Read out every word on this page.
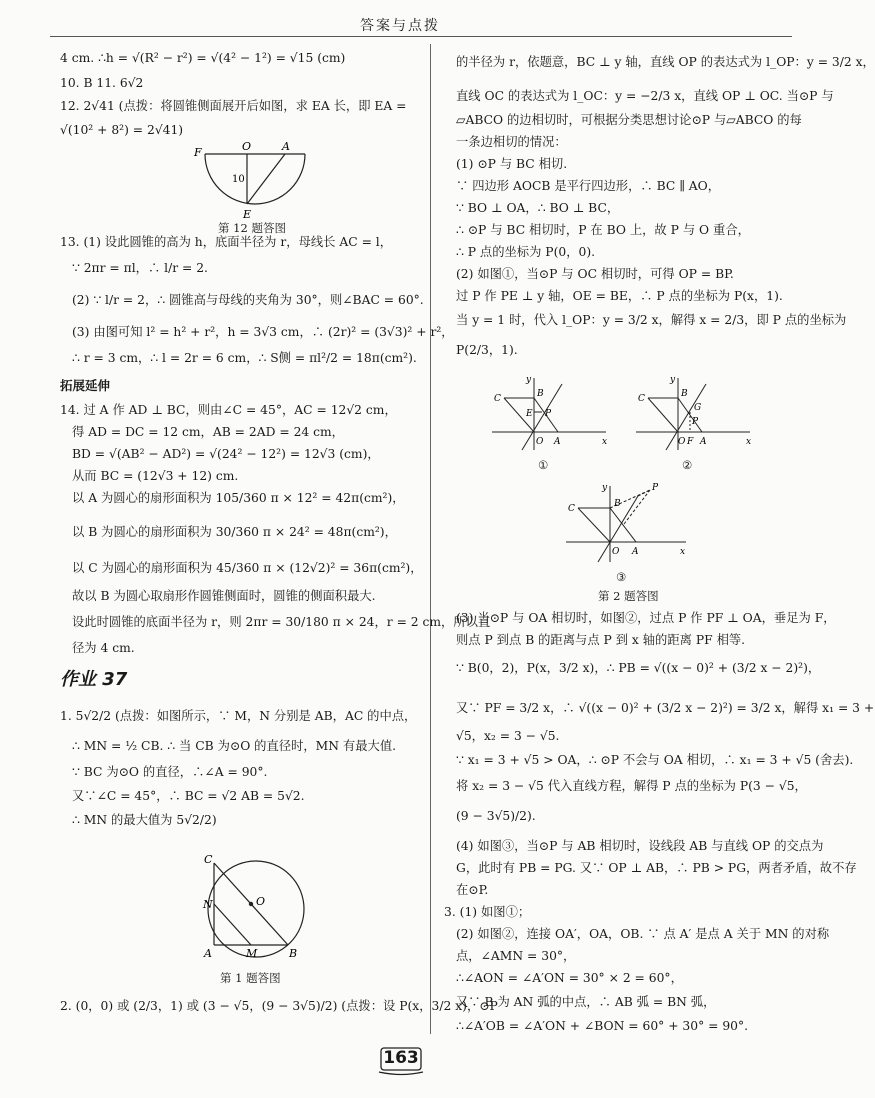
答案与点拨
4 cm. ∴h = √(R² − r²) = √(4² − 1²) = √15 (cm)
10. B 11. 6√2
12. 2√41 (点拨：将圆锥侧面展开后如图，求 EA 长，即 EA =
√(10² + 8²) = 2√41)
F	O	A
10
E
第 12 题答图
13. (1) 设此圆锥的高为 h，底面半径为 r，母线长 AC = l，
∵ 2πr = πl，∴ l/r = 2.
(2) ∵ l/r = 2，∴ 圆锥高与母线的夹角为 30°，则∠BAC = 60°.
(3) 由图可知 l² = h² + r²，h = 3√3 cm，∴ (2r)² = (3√3)² + r²，
∴ r = 3 cm，∴ l = 2r = 6 cm，∴ S侧 = πl²/2 = 18π(cm²).
拓展延伸
14. 过 A 作 AD ⊥ BC，则由∠C = 45°，AC = 12√2 cm，
得 AD = DC = 12 cm，AB = 2AD = 24 cm，
BD = √(AB² − AD²) = √(24² − 12²) = 12√3 (cm)，
从而 BC = (12√3 + 12) cm.
以 A 为圆心的扇形面积为 105/360 π × 12² = 42π(cm²)，
以 B 为圆心的扇形面积为 30/360 π × 24² = 48π(cm²)，
以 C 为圆心的扇形面积为 45/360 π × (12√2)² = 36π(cm²)，
故以 B 为圆心取扇形作圆锥侧面时，圆锥的侧面积最大.
设此时圆锥的底面半径为 r，则 2πr = 30/180 π × 24，r = 2 cm，所以直
径为 4 cm.
作业 37
1. 5√2/2 (点拨：如图所示，∵ M，N 分别是 AB，AC 的中点，
∴ MN = ½ CB. ∴ 当 CB 为⊙O 的直径时，MN 有最大值.
∵ BC 为⊙O 的直径，∴∠A = 90°.
又∵∠C = 45°，∴ BC = √2 AB = 5√2.
∴ MN 的最大值为 5√2/2)
C
N	O
A	M	B
第 1 题答图
2. (0，0) 或 (2/3，1) 或 (3 − √5，(9 − 3√5)/2) (点拨：设 P(x，3/2 x)，⊙P
的半径为 r，依题意，BC ⊥ y 轴，直线 OP 的表达式为 l_OP：y = 3/2 x，
直线 OC 的表达式为 l_OC：y = −2/3 x，直线 OP ⊥ OC. 当⊙P 与
▱ABCO 的边相切时，可根据分类思想讨论⊙P 与▱ABCO 的每
一条边相切的情况：
(1) ⊙P 与 BC 相切.
∵ 四边形 AOCB 是平行四边形，∴ BC ∥ AO，
∵ BO ⊥ OA，∴ BO ⊥ BC，
∴ ⊙P 与 BC 相切时，P 在 BO 上，故 P 与 O 重合，
∴ P 点的坐标为 P(0，0).
(2) 如图①，当⊙P 与 OC 相切时，可得 OP = BP.
过 P 作 PE ⊥ y 轴，OE = BE，∴ P 点的坐标为 P(x，1).
当 y = 1 时，代入 l_OP：y = 3/2 x，解得 x = 2/3，即 P 点的坐标为
P(2/3，1).
y
x
B
C
E P
O A
①
y
x
B
C
G
P
O F A
②
y
x
B
C
P
O A
③
第 2 题答图
(3) 当⊙P 与 OA 相切时，如图②，过点 P 作 PF ⊥ OA，垂足为 F，
则点 P 到点 B 的距离与点 P 到 x 轴的距离 PF 相等.
∵ B(0，2)，P(x，3/2 x)，∴ PB = √((x − 0)² + (3/2 x − 2)²)，
又∵ PF = 3/2 x，∴ √((x − 0)² + (3/2 x − 2)²) = 3/2 x，解得 x₁ = 3 +
√5，x₂ = 3 − √5.
∵ x₁ = 3 + √5 > OA，∴ ⊙P 不会与 OA 相切，∴ x₁ = 3 + √5 (舍去).
将 x₂ = 3 − √5 代入直线方程，解得 P 点的坐标为 P(3 − √5，
(9 − 3√5)/2).
(4) 如图③，当⊙P 与 AB 相切时，设线段 AB 与直线 OP 的交点为
G，此时有 PB = PG. 又∵ OP ⊥ AB，∴ PB > PG，两者矛盾，故不存
在⊙P.
3. (1) 如图①；
(2) 如图②，连接 OA′，OA，OB. ∵ 点 A′ 是点 A 关于 MN 的对称
点，∠AMN = 30°，
∴∠AON = ∠A′ON = 30° × 2 = 60°，
又∵ B 为 AN 弧的中点，∴ AB 弧 = BN 弧，
∴∠A′OB = ∠A′ON + ∠BON = 60° + 30° = 90°.
163
